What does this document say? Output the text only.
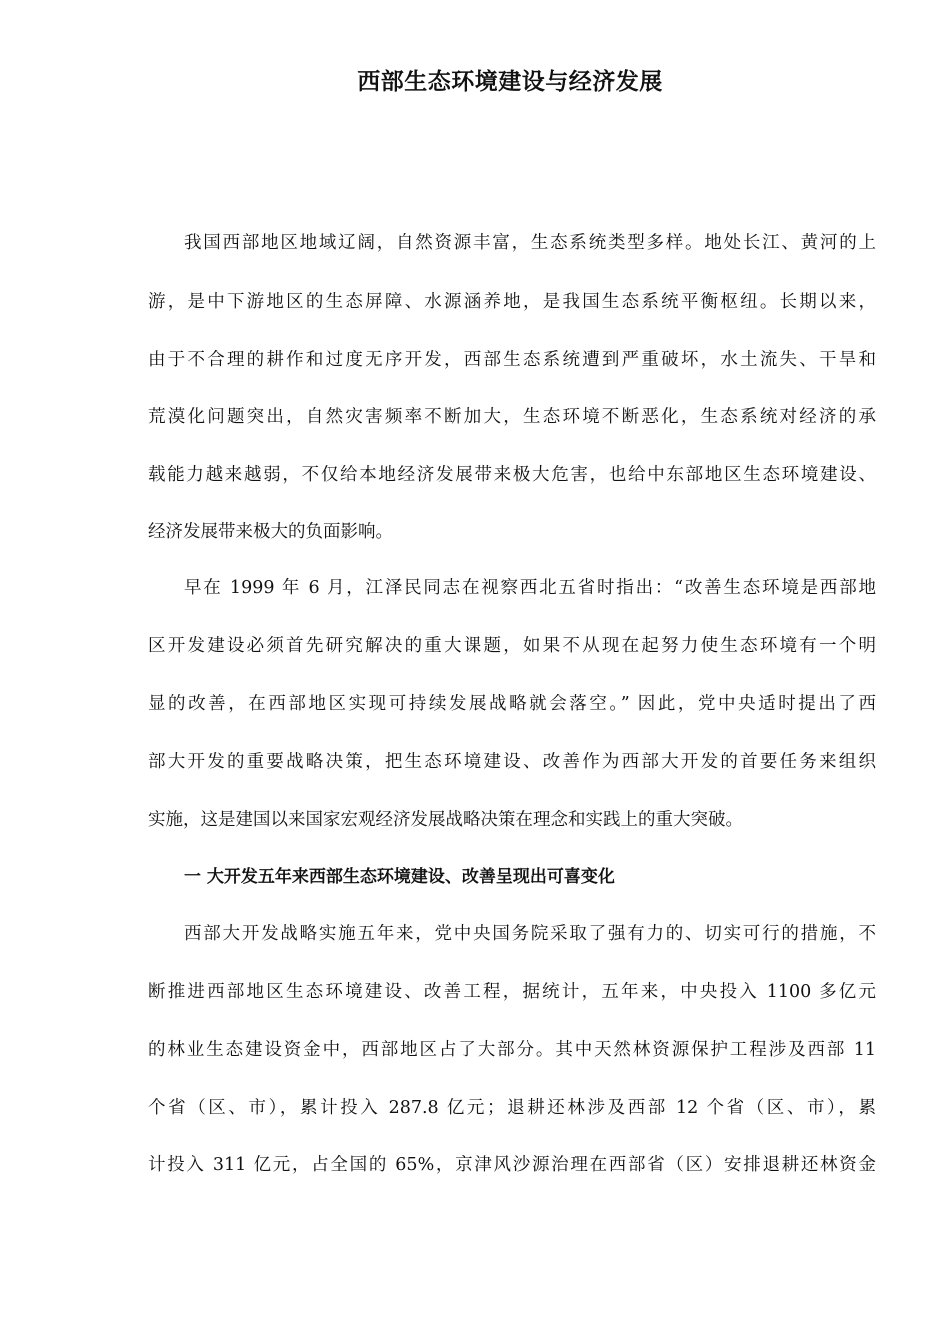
西部生态环境建设与经济发展

我国西部地区地域辽阔，自然资源丰富，生态系统类型多样。地处长江、黄河的上

游，是中下游地区的生态屏障、水源涵养地，是我国生态系统平衡枢纽。长期以来，

由于不合理的耕作和过度无序开发，西部生态系统遭到严重破坏，水土流失、干旱和

荒漠化问题突出，自然灾害频率不断加大，生态环境不断恶化，生态系统对经济的承

载能力越来越弱，不仅给本地经济发展带来极大危害，也给中东部地区生态环境建设、

经济发展带来极大的负面影响。

早在 1999 年 6 月，江泽民同志在视察西北五省时指出：“改善生态环境是西部地

区开发建设必须首先研究解决的重大课题，如果不从现在起努力使生态环境有一个明

显的改善，在西部地区实现可持续发展战略就会落空。” 因此，党中央适时提出了西

部大开发的重要战略决策，把生态环境建设、改善作为西部大开发的首要任务来组织

实施，这是建国以来国家宏观经济发展战略决策在理念和实践上的重大突破。

一 大开发五年来西部生态环境建设、改善呈现出可喜变化

西部大开发战略实施五年来，党中央国务院采取了强有力的、切实可行的措施，不

断推进西部地区生态环境建设、改善工程，据统计，五年来，中央投入 1100 多亿元

的林业生态建设资金中，西部地区占了大部分。其中天然林资源保护工程涉及西部 11

个省（区、市），累计投入 287.8 亿元；退耕还林涉及西部 12 个省（区、市），累

计投入 311 亿元，占全国的 65%，京津风沙源治理在西部省（区）安排退耕还林资金
